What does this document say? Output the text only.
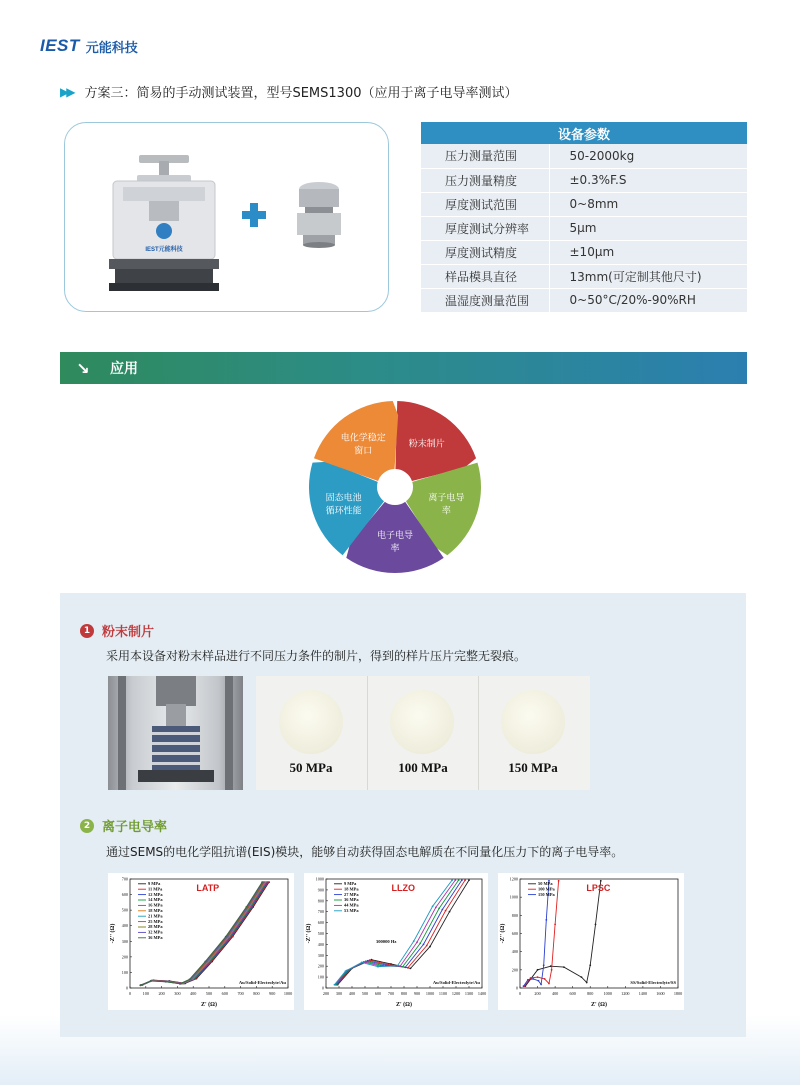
IEST 元能科技
▶▶ 方案三：简易的手动测试装置，型号SEMS1300（应用于离子电导率测试）
IEST元能科技
设备参数	
压力测量范围	50-2000kg
压力测量精度	±0.3%F.S
厚度测试范围	0~8mm
厚度测试分辨率	5μm
厚度测试精度	±10μm
样品模具直径	13mm(可定制其他尺寸)
温湿度测量范围	0~50°C/20%-90%RH
↘	应用
粉末制片
离子电导
率
电子电导
率
固态电池
循环性能
电化学稳定
窗口
1 粉末制片
采用本设备对粉末样品进行不同压力条件的制片，得到的样片压片完整无裂痕。
50 MPa	100 MPa	150 MPa
2 离子电导率
通过SEMS的电化学阻抗谱(EIS)模块，能够自动获得固态电解质在不同量化压力下的离子电导率。
0	100 200 300 400 500 600 700 800 900 1000
0
100
200
300
400
500
600
700
Z' (Ω)
-Z'' (Ω)
9 MPa
11 MPa
12 MPa
14 MPa
16 MPa
18 MPa
21 MPa
25 MPa
28 MPa
32 MPa
36 MPa
LATP
Au/Solid-Electrolyte/Au
200 300 400 500 600 700 800 900 1000 1100 1200 1300 1400
0
100
200
300
400
500
600
700
800
900
1000
Z' (Ω)
-Z'' (Ω)
9 MPa
18 MPa
27 MPa
36 MPa
44 MPa
53 MPa
LLZO
Au/Solid-Electrolyte/Au
300000 Hz
0	200	400	600	800 1000 1200 1400 1600 1800
0
200
400
600
800
1000
1200
Z' (Ω)
-Z'' (Ω)
50 MPa
100 MPa
150 MPa
LPSC
SS/Solid-Electrolyte/SS
